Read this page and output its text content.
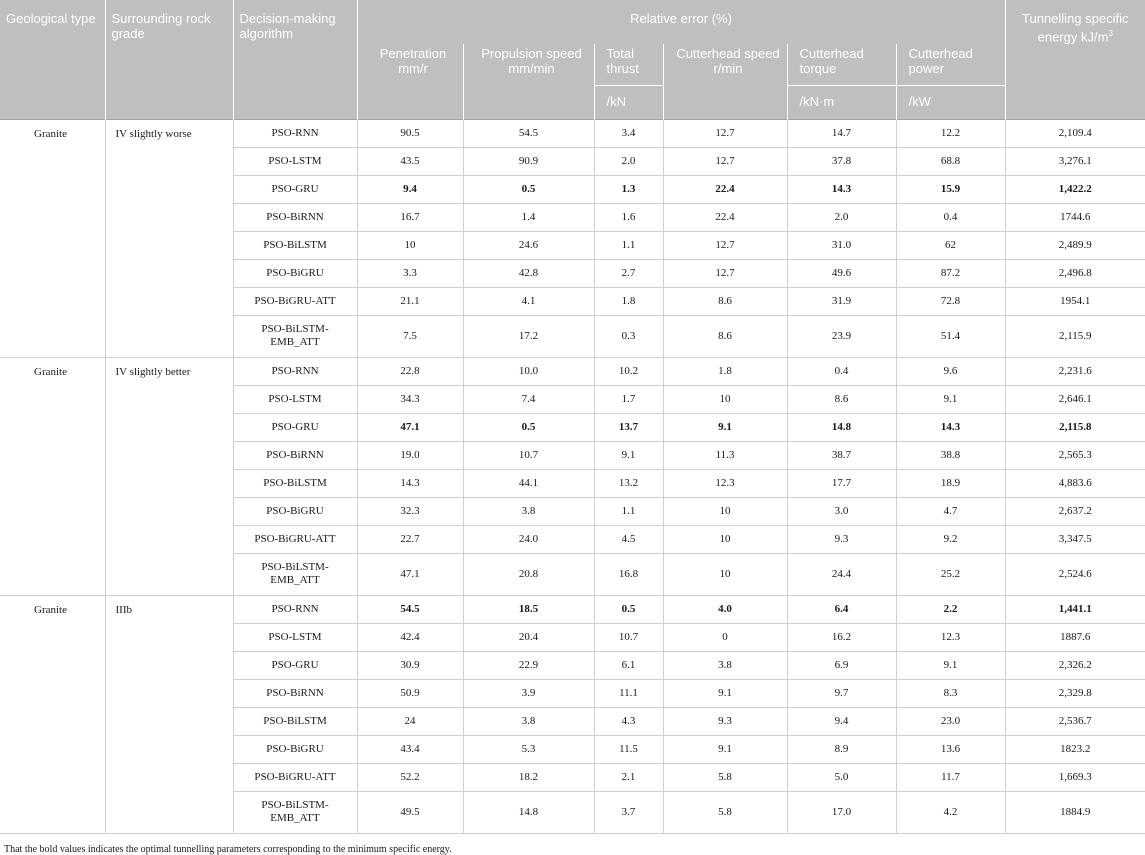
Geological type	Surrounding rock grade	Decision-making algorithm	Relative error (%)						Tunnelling specific energy $kJ/m^3$
			Penetration mm/r	Propulsion speed mm/min	Total thrust	Cutterhead speed r/min	Cutterhead torque	Cutterhead power	
					/kN		/kN·m	/kW	
Granite	IV slightly worse	PSO-RNN	90.5	54.5	3.4	12.7	14.7	12.2	2,109.4
		PSO-LSTM	43.5	90.9	2.0	12.7	37.8	68.8	3,276.1
		PSO-GRU	9.4	0.5	1.3	22.4	14.3	15.9	1,422.2
		PSO-BiRNN	16.7	1.4	1.6	22.4	2.0	0.4	1744.6
		PSO-BiLSTM	10	24.6	1.1	12.7	31.0	62	2,489.9
		PSO-BiGRU	3.3	42.8	2.7	12.7	49.6	87.2	2,496.8
		PSO-BiGRU-ATT	21.1	4.1	1.8	8.6	31.9	72.8	1954.1
		PSO-BiLSTM-
EMB_ATT	7.5	17.2	0.3	8.6	23.9	51.4	2,115.9
Granite	IV slightly better	PSO-RNN	22.8	10.0	10.2	1.8	0.4	9.6	2,231.6
		PSO-LSTM	34.3	7.4	1.7	10	8.6	9.1	2,646.1
		PSO-GRU	47.1	0.5	13.7	9.1	14.8	14.3	2,115.8
		PSO-BiRNN	19.0	10.7	9.1	11.3	38.7	38.8	2,565.3
		PSO-BiLSTM	14.3	44.1	13.2	12.3	17.7	18.9	4,883.6
		PSO-BiGRU	32.3	3.8	1.1	10	3.0	4.7	2,637.2
		PSO-BiGRU-ATT	22.7	24.0	4.5	10	9.3	9.2	3,347.5
		PSO-BiLSTM-
EMB_ATT	47.1	20.8	16.8	10	24.4	25.2	2,524.6
Granite	IIIb	PSO-RNN	54.5	18.5	0.5	4.0	6.4	2.2	1,441.1
		PSO-LSTM	42.4	20.4	10.7	0	16.2	12.3	1887.6
		PSO-GRU	30.9	22.9	6.1	3.8	6.9	9.1	2,326.2
		PSO-BiRNN	50.9	3.9	11.1	9.1	9.7	8.3	2,329.8
		PSO-BiLSTM	24	3.8	4.3	9.3	9.4	23.0	2,536.7
		PSO-BiGRU	43.4	5.3	11.5	9.1	8.9	13.6	1823.2
		PSO-BiGRU-ATT	52.2	18.2	2.1	5.8	5.0	11.7	1,669.3
		PSO-BiLSTM-
EMB_ATT	49.5	14.8	3.7	5.8	17.0	4.2	1884.9
That the bold values indicates the optimal tunnelling parameters corresponding to the minimum specific energy.
